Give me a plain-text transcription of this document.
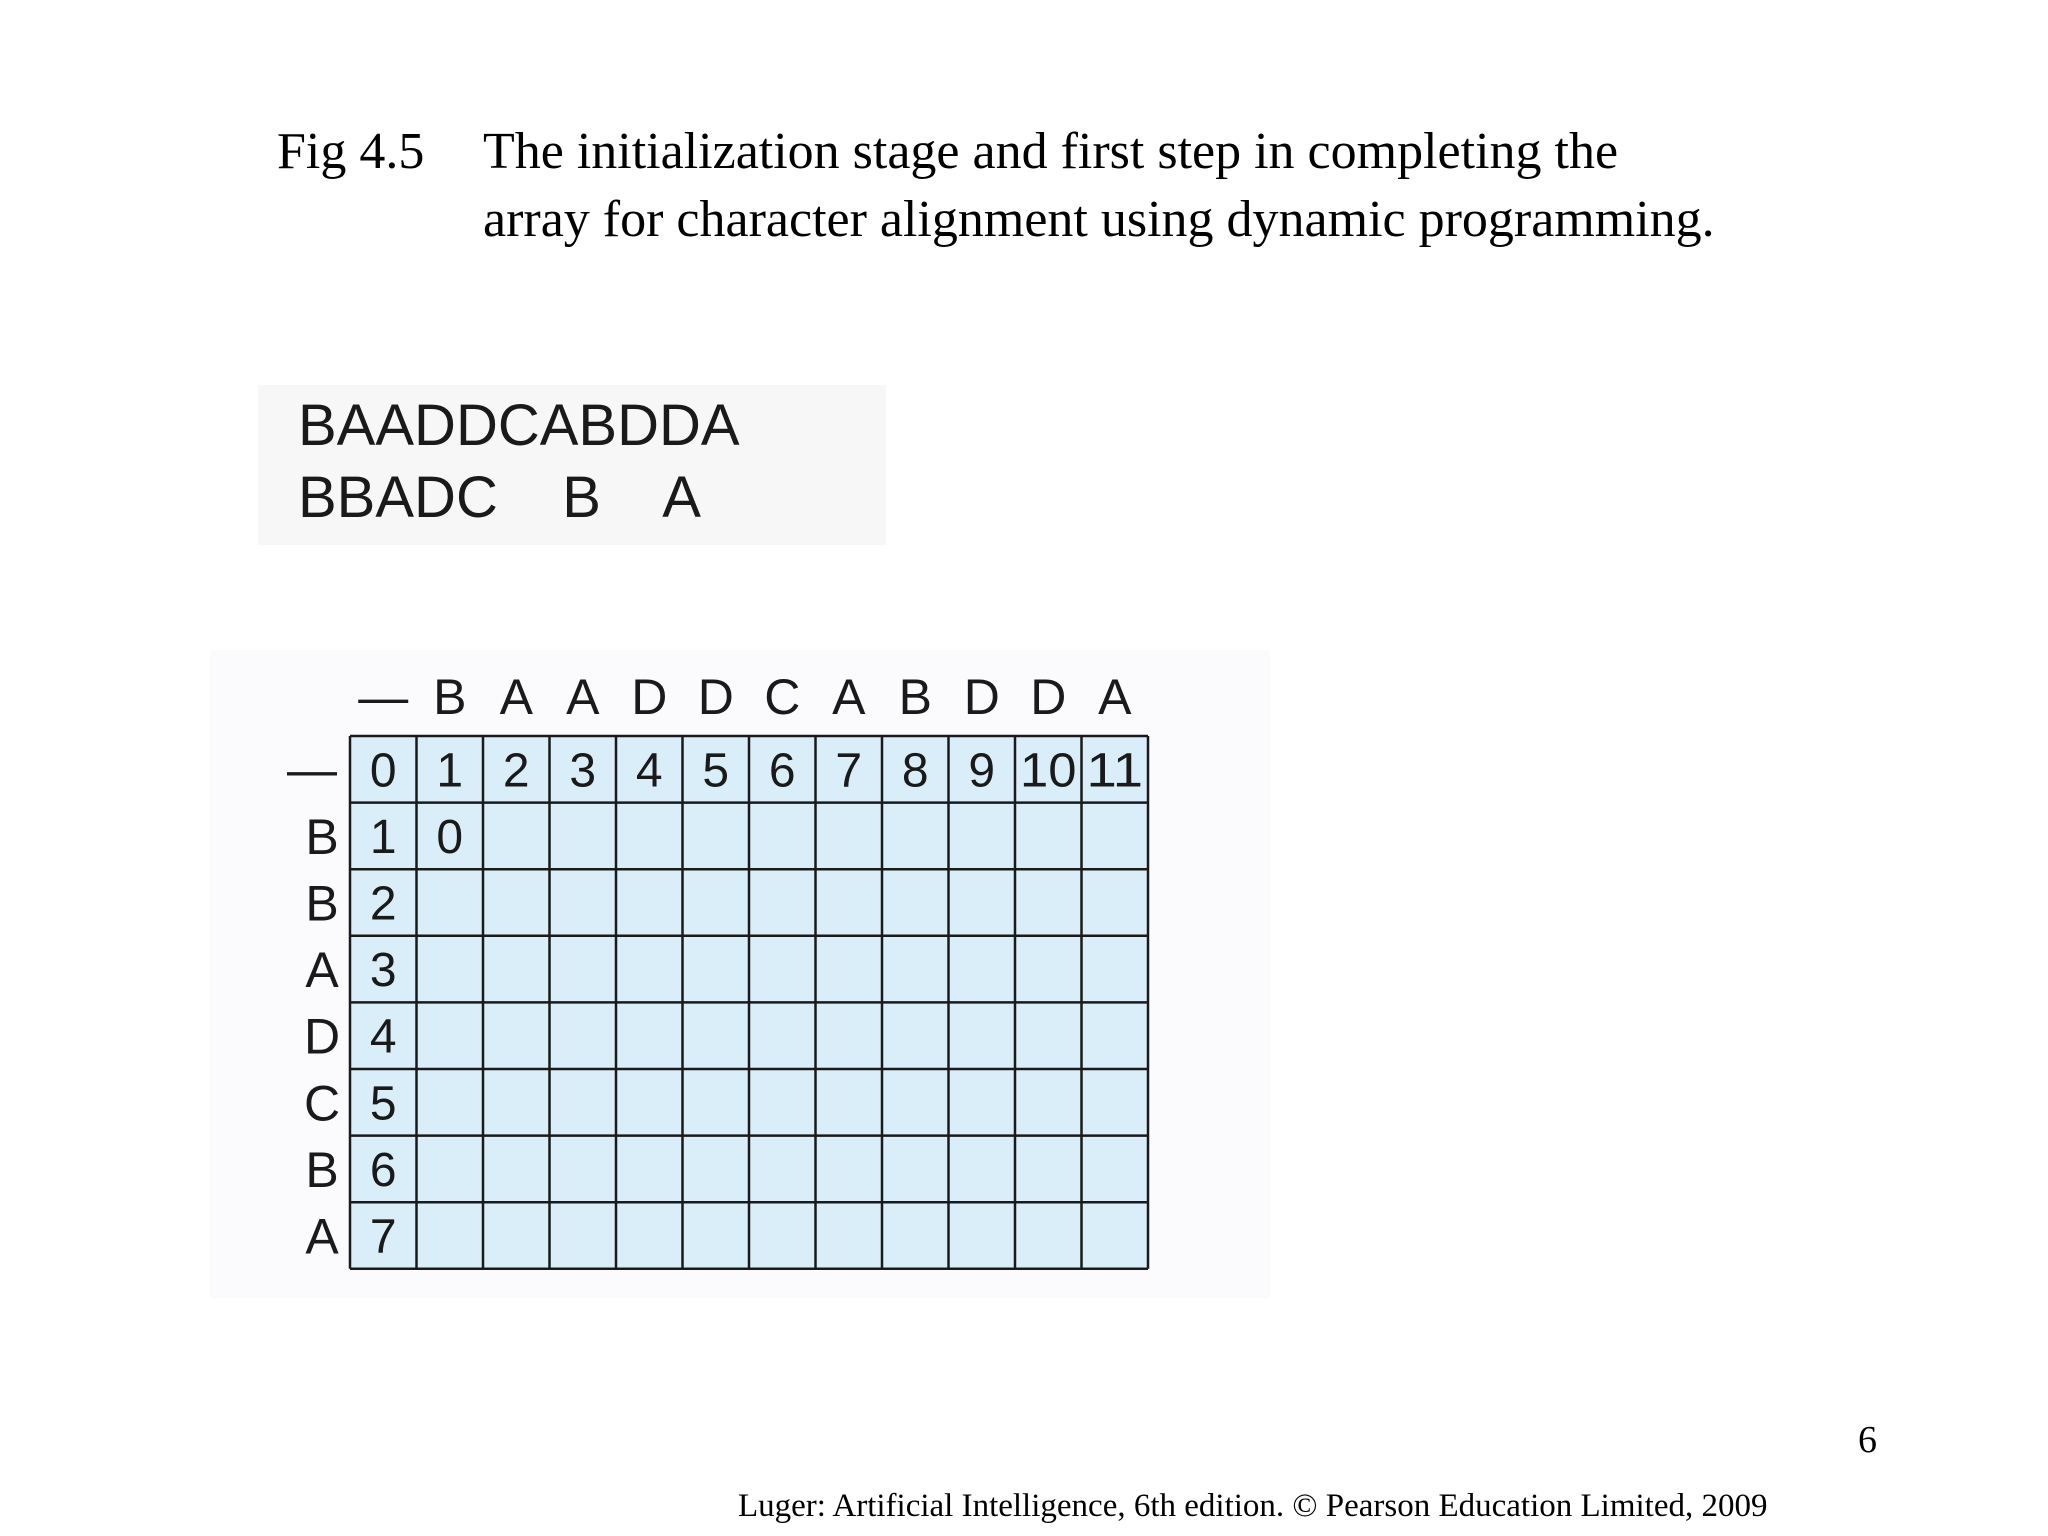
Fig 4.5 The initialization stage and first step in completing the
array for character alignment using dynamic programming.
BAADDCABDDA
BBADC    B    A
0 1 2 3 4 5 6 7 8 9 10 11
1 0
2
3
4
5
6
7
— B A A D D C A B D D A
—
B
B
A
D
C
B
A
6
Luger: Artificial Intelligence, 6th edition. © Pearson Education Limited, 2009
